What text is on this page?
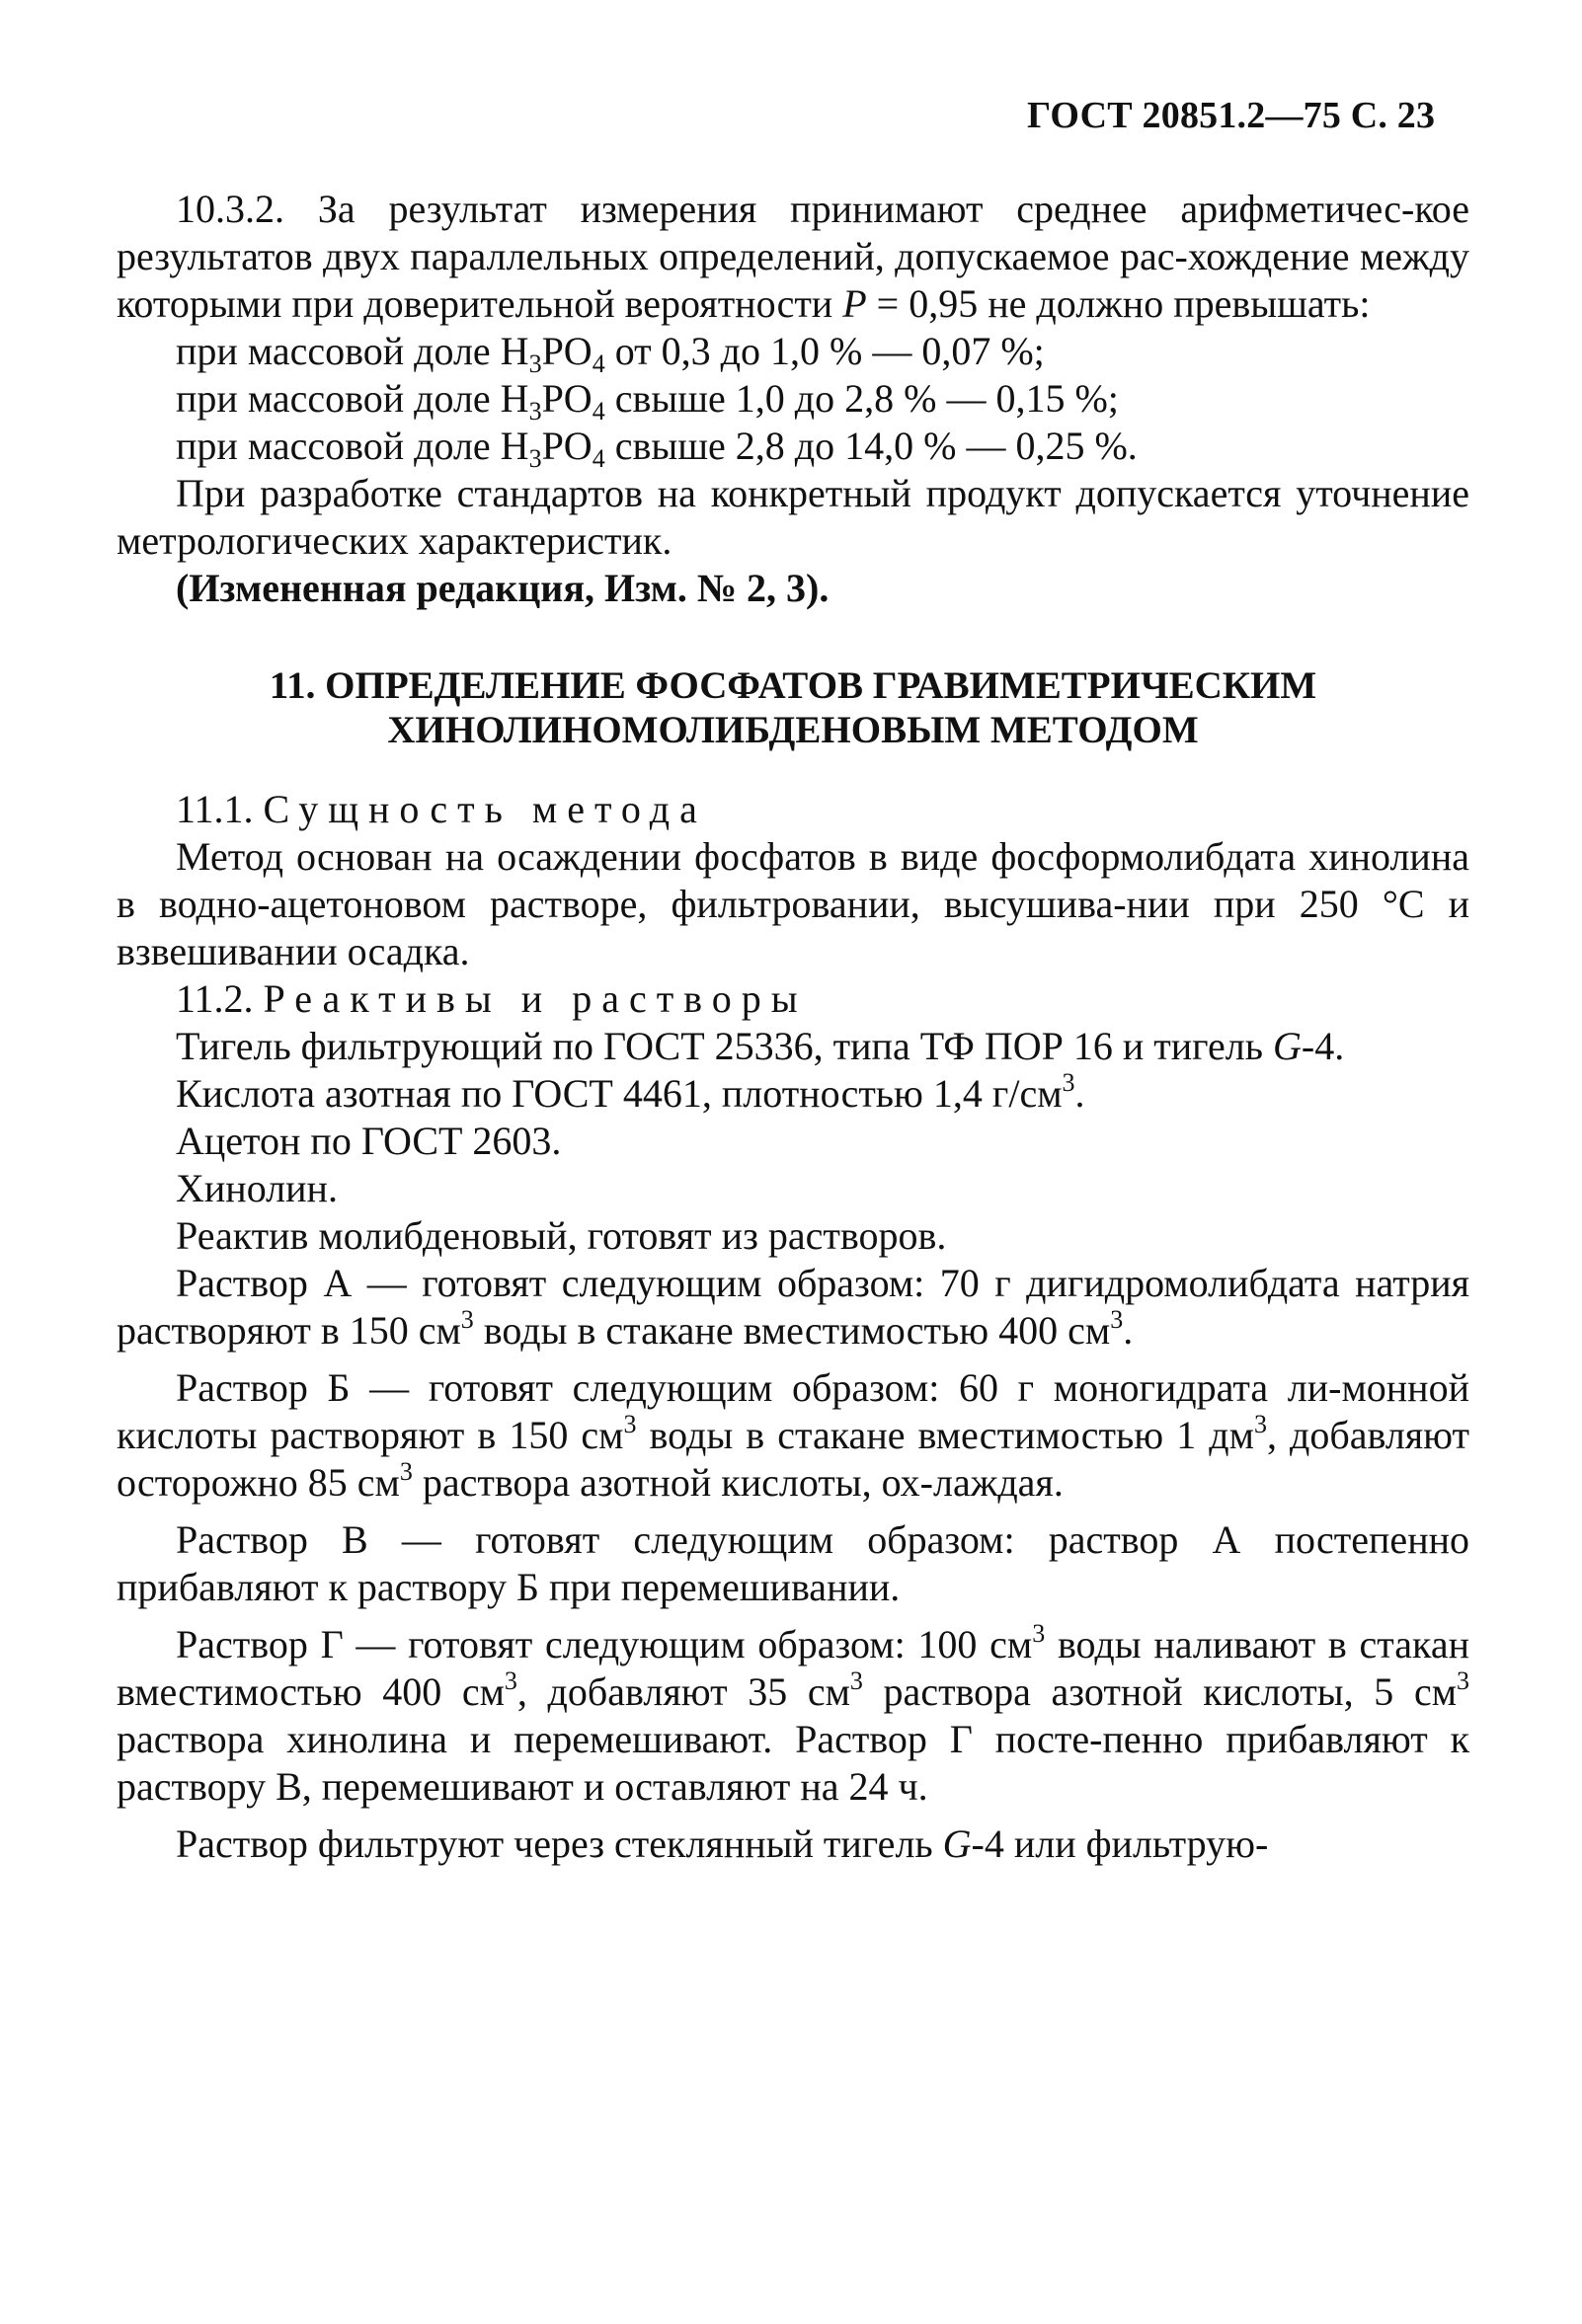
ГОСТ 20851.2—75 С. 23

10.3.2. За результат измерения принимают среднее арифметичес-кое результатов двух параллельных определений, допускаемое рас-хождение между которыми при доверительной вероятности P = 0,95 не должно превышать:

при массовой доле $H_3PO_4$ от 0,3 до 1,0 % — 0,07 %;

при массовой доле $H_3PO_4$ свыше 1,0 до 2,8 % — 0,15 %;

при массовой доле $H_3PO_4$ свыше 2,8 до 14,0 % — 0,25 %.

При разработке стандартов на конкретный продукт допускается уточнение метрологических характеристик.

(Измененная редакция, Изм. № 2, 3).

11. ОПРЕДЕЛЕНИЕ ФОСФАТОВ ГРАВИМЕТРИЧЕСКИМ
ХИНОЛИНОМОЛИБДЕНОВЫМ МЕТОДОМ

11.1. Сущность метода

Метод основан на осаждении фосфатов в виде фосформолибдата хинолина в водно-ацетоновом растворе, фильтровании, высушива-нии при 250 °С и взвешивании осадка.

11.2. Реактивы и растворы

Тигель фильтрующий по ГОСТ 25336, типа ТФ ПОР 16 и тигель G-4.

Кислота азотная по ГОСТ 4461, плотностью 1,4 $г/см^3$.

Ацетон по ГОСТ 2603.

Хинолин.

Реактив молибденовый, готовят из растворов.

Раствор А — готовят следующим образом: 70 г дигидромолибдата натрия растворяют в 150 $см^3$ воды в стакане вместимостью 400 $см^3$.

Раствор Б — готовят следующим образом: 60 г моногидрата ли-монной кислоты растворяют в 150 $см^3$ воды в стакане вместимостью 1 $дм^3$, добавляют осторожно 85 $см^3$ раствора азотной кислоты, ох-лаждая.

Раствор В — готовят следующим образом: раствор А постепенно прибавляют к раствору Б при перемешивании.

Раствор Г — готовят следующим образом: 100 $см^3$ воды наливают в стакан вместимостью 400 $см^3$, добавляют 35 $см^3$ раствора азотной кислоты, 5 $см^3$ раствора хинолина и перемешивают. Раствор Г посте-пенно прибавляют к раствору В, перемешивают и оставляют на 24 ч.

Раствор фильтруют через стеклянный тигель G-4 или фильтрую-
